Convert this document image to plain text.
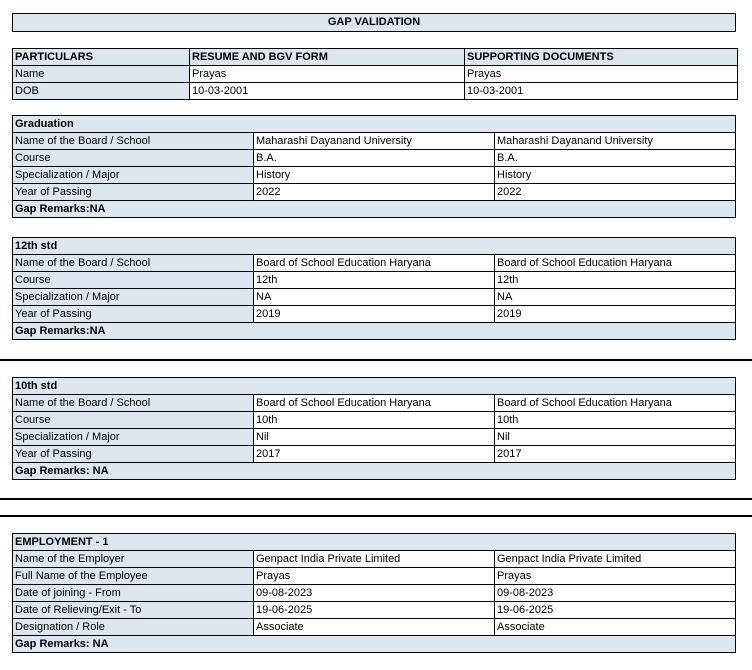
GAP VALIDATION
PARTICULARS	RESUME AND BGV FORM	SUPPORTING DOCUMENTS
Name	Prayas	Prayas
DOB	10-03-2001	10-03-2001
Graduation		
Name of the Board / School	Maharashi Dayanand University	Maharashi Dayanand University
Course	B.A.	B.A.
Specialization / Major	History	History
Year of Passing	2022	2022
Gap Remarks:NA		
12th std		
Name of the Board / School	Board of School Education Haryana	Board of School Education Haryana
Course	12th	12th
Specialization / Major	NA	NA
Year of Passing	2019	2019
Gap Remarks:NA		
10th std		
Name of the Board / School	Board of School Education Haryana	Board of School Education Haryana
Course	10th	10th
Specialization / Major	Nil	Nil
Year of Passing	2017	2017
Gap Remarks: NA		
EMPLOYMENT - 1		
Name of the Employer	Genpact India Private Limited	Genpact India Private Limited
Full Name of the Employee	Prayas	Prayas
Date of joining - From	09-08-2023	09-08-2023
Date of Relieving/Exit - To	19-06-2025	19-06-2025
Designation / Role	Associate	Associate
Gap Remarks: NA		
